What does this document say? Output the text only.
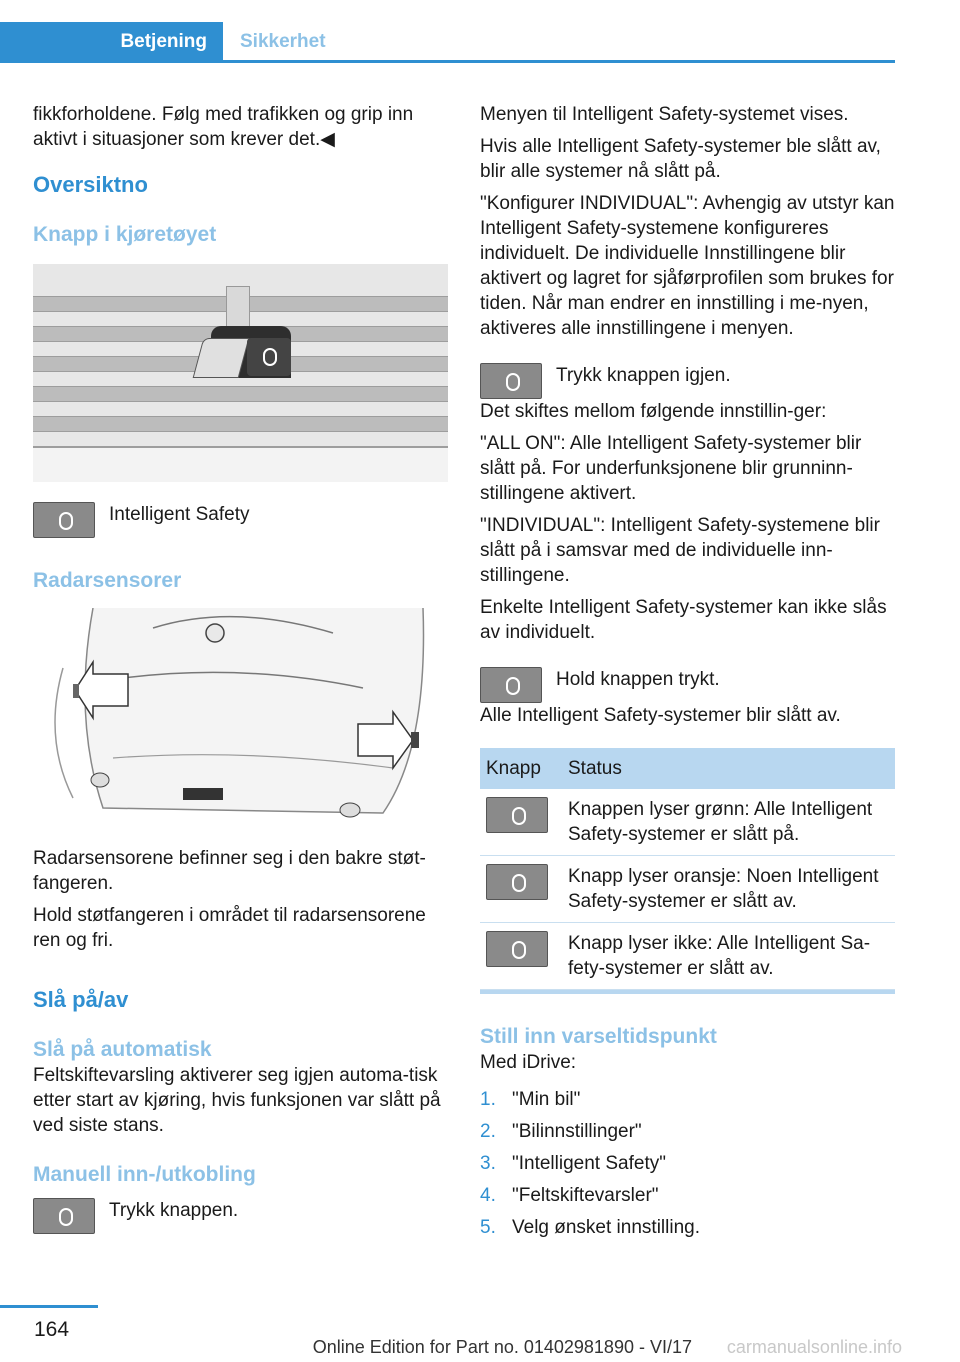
Betjening Sikkerhet

fikkforholdene. Følg med trafikken og grip inn aktivt i situasjoner som krever det.◀

Oversiktno
Knapp i kjøretøyet
Intelligent Safety
Radarsensorer

Radarsensorene befinner seg i den bakre støt-fangeren.

Hold støtfangeren i området til radarsensorene ren og fri.

Slå på/av
Slå på automatisk

Feltskiftevarsling aktiverer seg igjen automa-tisk etter start av kjøring, hvis funksjonen var slått på ved siste stans.

Manuell inn-/utkobling
Trykk knappen.

Menyen til Intelligent Safety-systemet vises.

Hvis alle Intelligent Safety-systemer ble slått av, blir alle systemer nå slått på.

"Konfigurer INDIVIDUAL": Avhengig av utstyr kan Intelligent Safety-systemene konfigureres individuelt. De individuelle Innstillingene blir aktivert og lagret for sjåførprofilen som brukes for tiden. Når man endrer en innstilling i me-nyen, aktiveres alle innstillingene i menyen.

Trykk knappen igjen.

Det skiftes mellom følgende innstillin-ger:

"ALL ON": Alle Intelligent Safety-systemer blir slått på. For underfunksjonene blir grunninn-stillingene aktivert.

"INDIVIDUAL": Intelligent Safety-systemene blir slått på i samsvar med de individuelle inn-stillingene.

Enkelte Intelligent Safety-systemer kan ikke slås av individuelt.

Hold knappen trykt.

Alle Intelligent Safety-systemer blir slått av.

Knapp	Status

	Knappen lyser grønn: Alle Intelligent Safety-systemer er slått på.

	Knapp lyser oransje: Noen Intelligent Safety-systemer er slått av.

	Knapp lyser ikke: Alle Intelligent Sa-fety-systemer er slått av.
Still inn varseltidspunkt

Med iDrive:

1. "Min bil"
2. "Bilinnstillinger"
3. "Intelligent Safety"
4. "Feltskiftevarsler"
5. Velg ønsket innstilling.
164
Online Edition for Part no. 01402981890 - VI/17 carmanualsonline.info
